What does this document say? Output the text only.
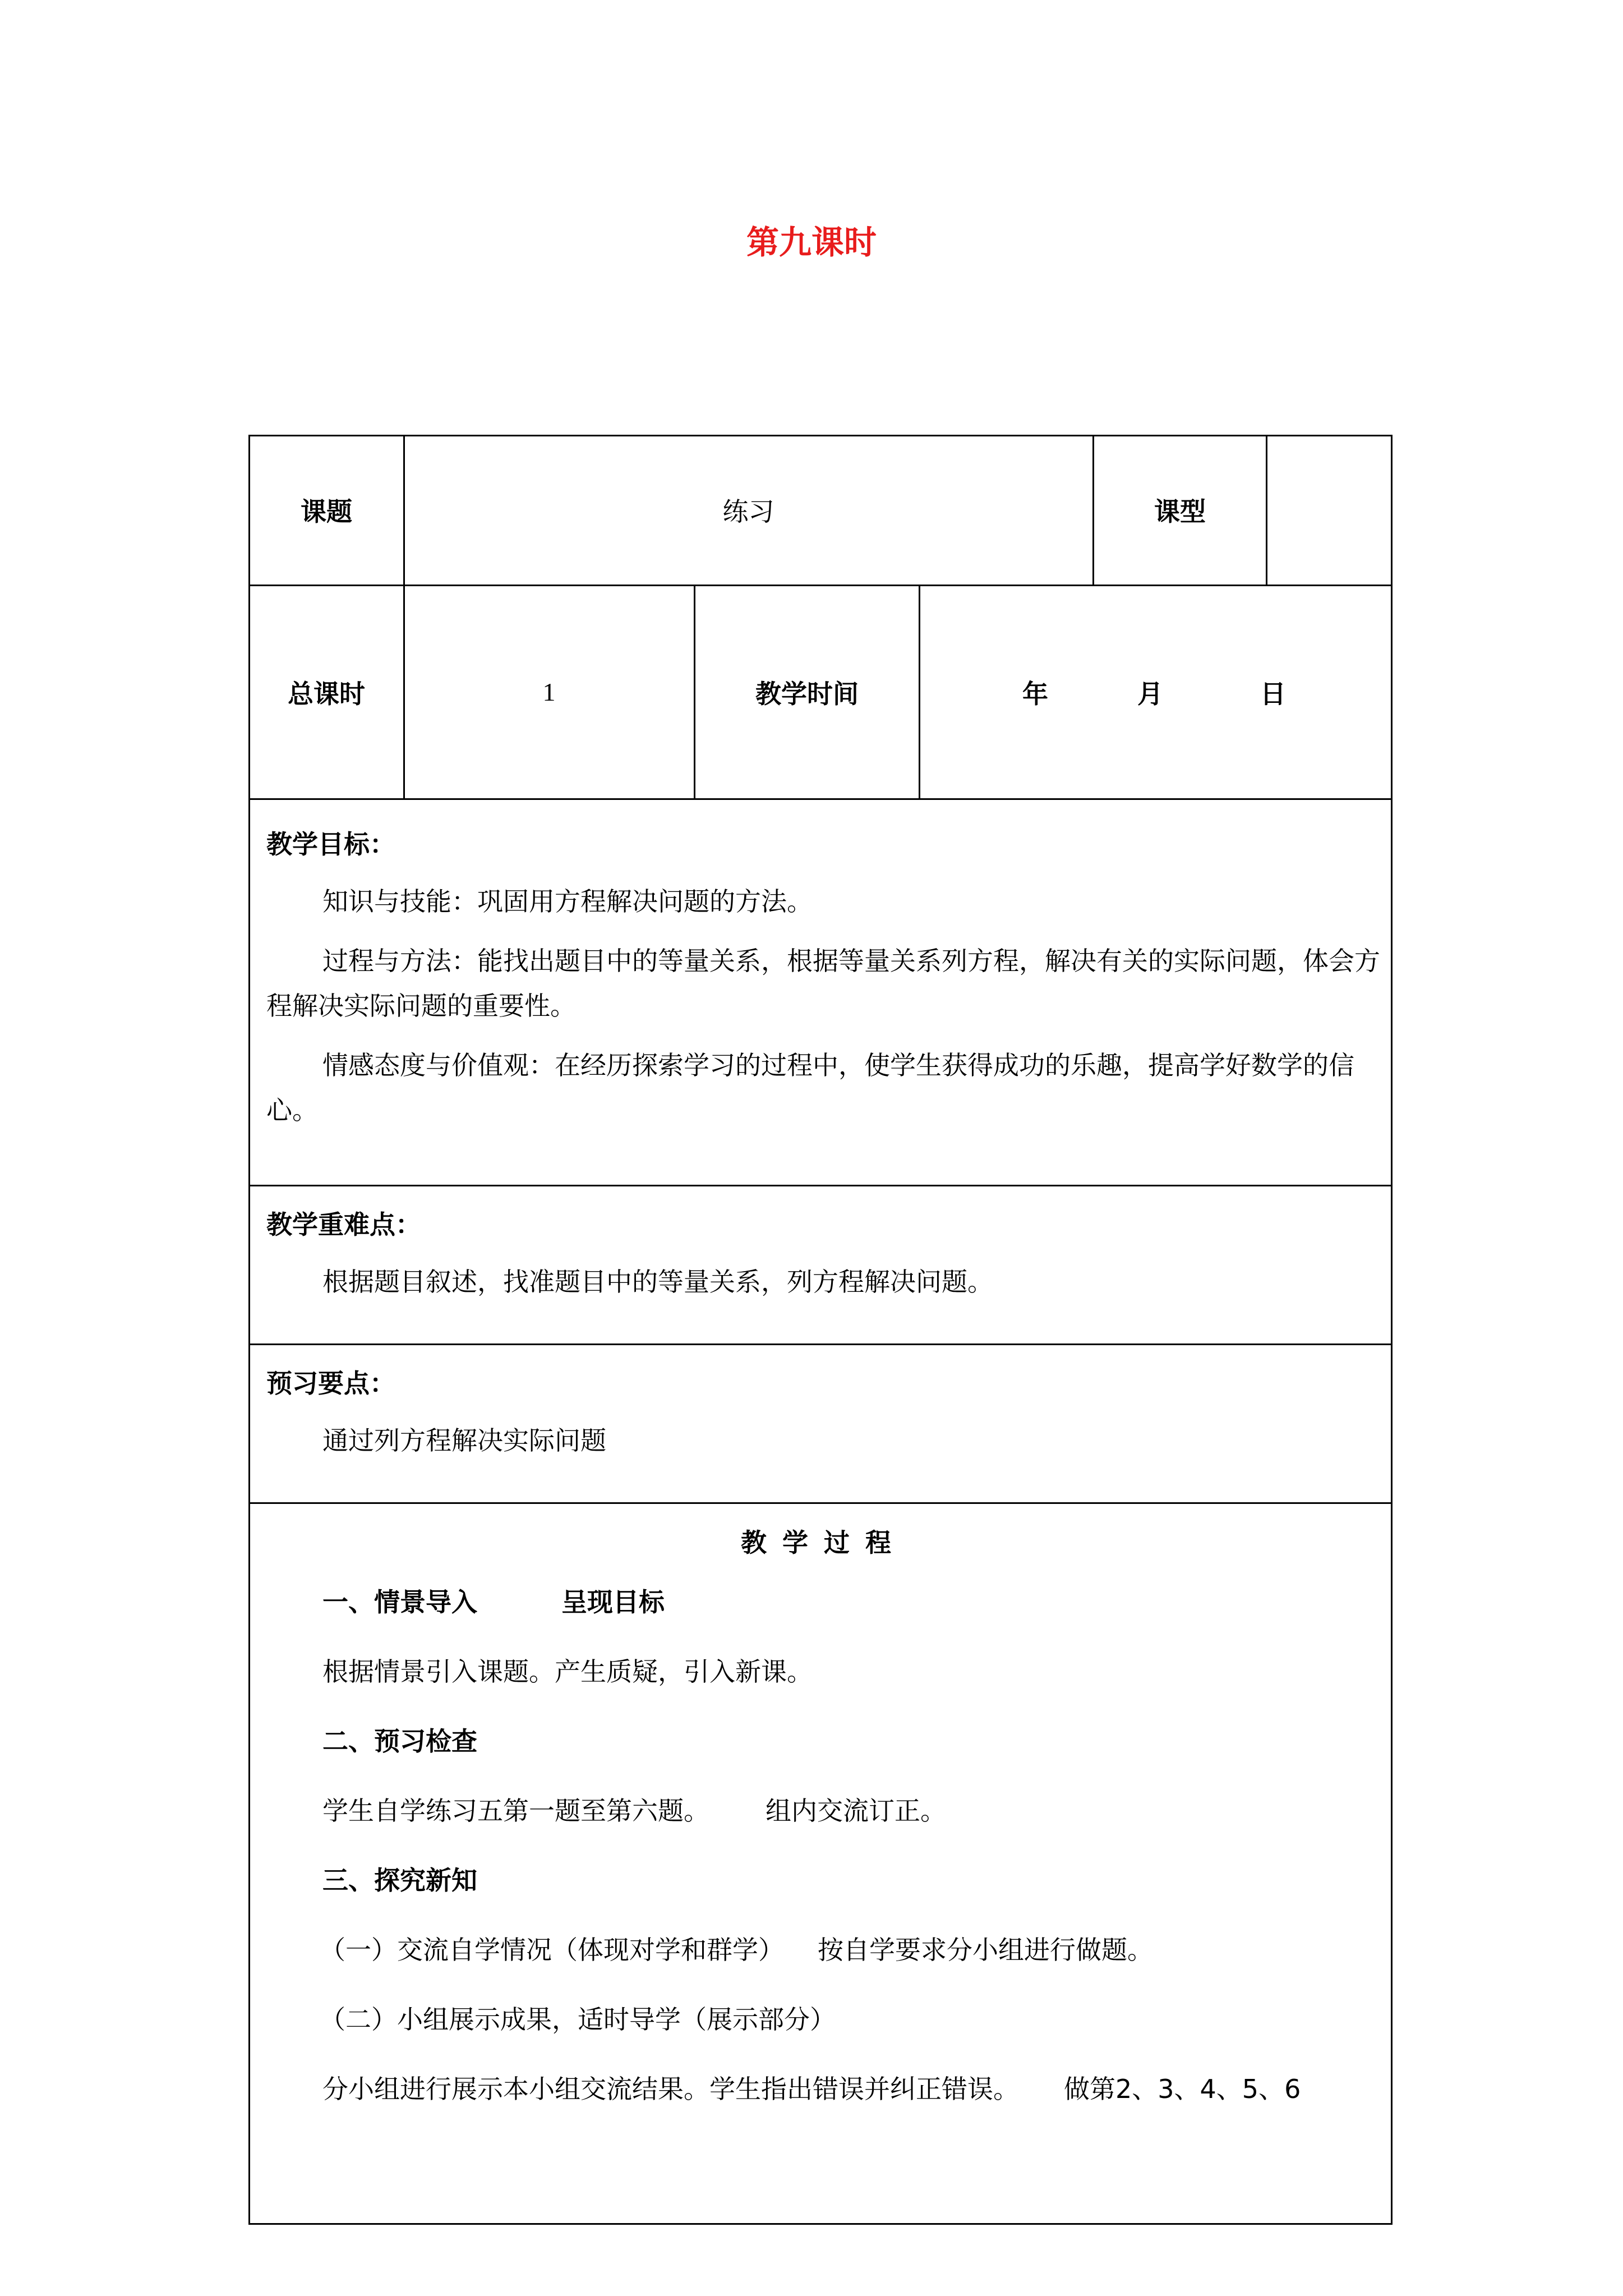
第九课时
课题	练习	课型
总课时	1	教学时间	年	月	日
教学目标：

知识与技能：巩固用方程解决问题的方法。

过程与方法：能找出题目中的等量关系，根据等量关系列方程，解决有关的实际问题，体会方程解决实际问题的重要性。

情感态度与价值观：在经历探索学习的过程中，使学生获得成功的乐趣，提高学好数学的信心。

教学重难点：

根据题目叙述，找准题目中的等量关系，列方程解决问题。

预习要点：

通过列方程解决实际问题

教学过程

一、情景导入	呈现目标

根据情景引入课题。产生质疑，引入新课。

二、预习检查

学生自学练习五第一题至第六题。 组内交流订正。

三、探究新知

（一）交流自学情况（体现对学和群学） 按自学要求分小组进行做题。

（二）小组展示成果，适时导学（展示部分）

分小组进行展示本小组交流结果。学生指出错误并纠正错误。 做第2、3、4、5、6
